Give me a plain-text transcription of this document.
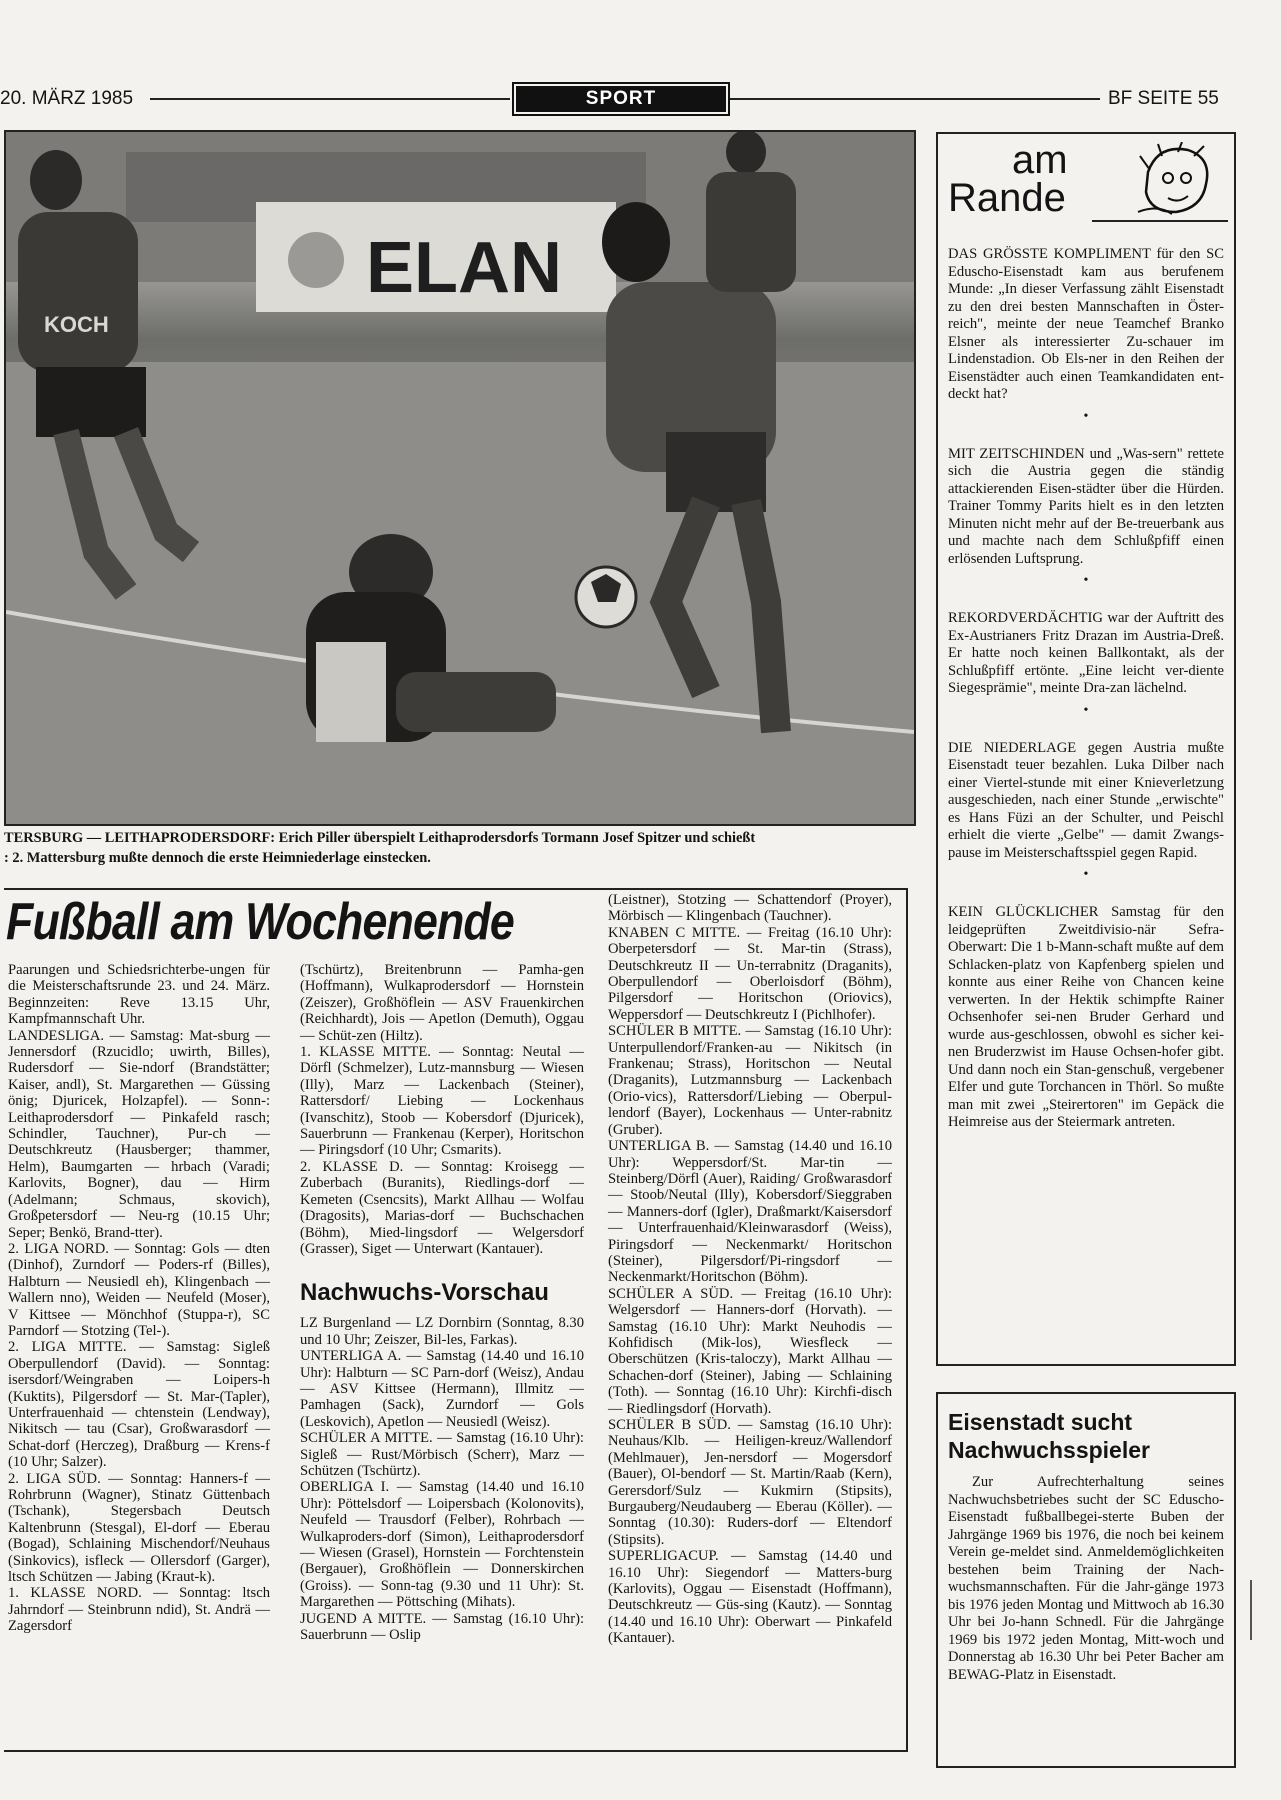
20. MÄRZ 1985	SPORT	BF SEITE 55
ELAN
KOCH
TERSBURG — LEITHAPRODERSDORF: Erich Piller überspielt Leithaprodersdorfs Tormann Josef Spitzer und schießt
: 2. Mattersburg mußte dennoch die erste Heimniederlage einstecken.
Fußball am Wochenende

Paarungen und Schiedsrichterbe-ungen für die Meisterschaftsrunde 23. und 24. März. Beginnzeiten: Reve 13.15 Uhr, Kampfmannschaft Uhr.

LANDESLIGA. — Samstag: Mat-sburg — Jennersdorf (Rzucidlo; uwirth, Billes), Rudersdorf — Sie-ndorf (Brandstätter; Kaiser, andl), St. Margarethen — Güssing önig; Djuricek, Holzapfel). — Sonn-: Leithaprodersdorf — Pinkafeld rasch; Schindler, Tauchner), Pur-ch — Deutschkreutz (Hausberger; thammer, Helm), Baumgarten — hrbach (Varadi; Karlovits, Bogner), dau — Hirm (Adelmann; Schmaus, skovich), Großpetersdorf — Neu-rg (10.15 Uhr; Seper; Benkö, Brand-tter).

2. LIGA NORD. — Sonntag: Gols — dten (Dinhof), Zurndorf — Poders-rf (Billes), Halbturn — Neusiedl eh), Klingenbach — Wallern nno), Weiden — Neufeld (Moser), V Kittsee — Mönchhof (Stuppa-r), SC Parndorf — Stotzing (Tel-).

2. LIGA MITTE. — Samstag: Sigleß Oberpullendorf (David). — Sonntag: isersdorf/Weingraben — Loipers-h (Kuktits), Pilgersdorf — St. Mar-(Tapler), Unterfrauenhaid — chtenstein (Lendway), Nikitsch — tau (Csar), Großwarasdorf — Schat-dorf (Herczeg), Draßburg — Krens-f (10 Uhr; Salzer).

2. LIGA SÜD. — Sonntag: Hanners-f — Rohrbrunn (Wagner), Stinatz Güttenbach (Tschank), Stegersbach Deutsch Kaltenbrunn (Stesgal), El-dorf — Eberau (Bogad), Schlaining Mischendorf/Neuhaus (Sinkovics), isfleck — Ollersdorf (Garger), ltsch Schützen — Jabing (Kraut-k).

1. KLASSE NORD. — Sonntag: ltsch Jahrndorf — Steinbrunn ndid), St. Andrä — Zagersdorf

(Tschürtz), Breitenbrunn — Pamha-gen (Hoffmann), Wulkaprodersdorf — Hornstein (Zeiszer), Großhöflein — ASV Frauenkirchen (Reichhardt), Jois — Apetlon (Demuth), Oggau — Schüt-zen (Hiltz).

1. KLASSE MITTE. — Sonntag: Neutal — Dörfl (Schmelzer), Lutz-mannsburg — Wiesen (Illy), Marz — Lackenbach (Steiner), Rattersdorf/ Liebing — Lockenhaus (Ivanschitz), Stoob — Kobersdorf (Djuricek), Sauerbrunn — Frankenau (Kerper), Horitschon — Piringsdorf (10 Uhr; Csmarits).

2. KLASSE D. — Sonntag: Kroisegg — Zuberbach (Buranits), Riedlings-dorf — Kemeten (Csencsits), Markt Allhau — Wolfau (Dragosits), Marias-dorf — Buchschachen (Böhm), Mied-lingsdorf — Welgersdorf (Grasser), Siget — Unterwart (Kantauer).

Nachwuchs-Vorschau

LZ Burgenland — LZ Dornbirn (Sonntag, 8.30 und 10 Uhr; Zeiszer, Bil-les, Farkas).

UNTERLIGA A. — Samstag (14.40 und 16.10 Uhr): Halbturn — SC Parn-dorf (Weisz), Andau — ASV Kittsee (Hermann), Illmitz — Pamhagen (Sack), Zurndorf — Gols (Leskovich), Apetlon — Neusiedl (Weisz).

SCHÜLER A MITTE. — Samstag (16.10 Uhr): Sigleß — Rust/Mörbisch (Scherr), Marz — Schützen (Tschürtz).

OBERLIGA I. — Samstag (14.40 und 16.10 Uhr): Pöttelsdorf — Loipersbach (Kolonovits), Neufeld — Trausdorf (Felber), Rohrbach — Wulkaproders-dorf (Simon), Leithaprodersdorf — Wiesen (Grasel), Hornstein — Forchtenstein (Bergauer), Großhöflein — Donnerskirchen (Groiss). — Sonn-tag (9.30 und 11 Uhr): St. Margarethen — Pöttsching (Mihats).

JUGEND A MITTE. — Samstag (16.10 Uhr): Sauerbrunn — Oslip

(Leistner), Stotzing — Schattendorf (Proyer), Mörbisch — Klingenbach (Tauchner).

KNABEN C MITTE. — Freitag (16.10 Uhr): Oberpetersdorf — St. Mar-tin (Strass), Deutschkreutz II — Un-terrabnitz (Draganits), Oberpullendorf — Oberloisdorf (Böhm), Pilgersdorf — Horitschon (Oriovics), Weppersdorf — Deutschkreutz I (Pichlhofer).

SCHÜLER B MITTE. — Samstag (16.10 Uhr): Unterpullendorf/Franken-au — Nikitsch (in Frankenau; Strass), Horitschon — Neutal (Draganits), Lutzmannsburg — Lackenbach (Orio-vics), Rattersdorf/Liebing — Oberpul-lendorf (Bayer), Lockenhaus — Unter-rabnitz (Gruber).

UNTERLIGA B. — Samstag (14.40 und 16.10 Uhr): Weppersdorf/St. Mar-tin — Steinberg/Dörfl (Auer), Raiding/ Großwarasdorf — Stoob/Neutal (Illy), Kobersdorf/Sieggraben — Manners-dorf (Igler), Draßmarkt/Kaisersdorf — Unterfrauenhaid/Kleinwarasdorf (Weiss), Piringsdorf — Neckenmarkt/ Horitschon (Steiner), Pilgersdorf/Pi-ringsdorf — Neckenmarkt/Horitschon (Böhm).

SCHÜLER A SÜD. — Freitag (16.10 Uhr): Welgersdorf — Hanners-dorf (Horvath). — Samstag (16.10 Uhr): Markt Neuhodis — Kohfidisch (Mik-los), Wiesfleck — Oberschützen (Kris-taloczy), Markt Allhau — Schachen-dorf (Steiner), Jabing — Schlaining (Toth). — Sonntag (16.10 Uhr): Kirchfi-disch — Riedlingsdorf (Horvath).

SCHÜLER B SÜD. — Samstag (16.10 Uhr): Neuhaus/Klb. — Heiligen-kreuz/Wallendorf (Mehlmauer), Jen-nersdorf — Mogersdorf (Bauer), Ol-bendorf — St. Martin/Raab (Kern), Gerersdorf/Sulz — Kukmirn (Stipsits), Burgauberg/Neudauberg — Eberau (Köller). — Sonntag (10.30): Ruders-dorf — Eltendorf (Stipsits).

SUPERLIGACUP. — Samstag (14.40 und 16.10 Uhr): Siegendorf — Matters-burg (Karlovits), Oggau — Eisenstadt (Hoffmann), Deutschkreutz — Güs-sing (Kautz). — Sonntag (14.40 und 16.10 Uhr): Oberwart — Pinkafeld (Kantauer).

am
Rande

DAS GRÖSSTE KOMPLIMENT für den SC Eduscho-Eisenstadt kam aus berufenem Munde: „In dieser Verfassung zählt Eisenstadt zu den drei besten Mannschaften in Öster-reich", meinte der neue Teamchef Branko Elsner als interessierter Zu-schauer im Lindenstadion. Ob Els-ner in den Reihen der Eisenstädter auch einen Teamkandidaten ent-deckt hat?

•

MIT ZEITSCHINDEN und „Was-sern" rettete sich die Austria gegen die ständig attackierenden Eisen-städter über die Hürden. Trainer Tommy Parits hielt es in den letzten Minuten nicht mehr auf der Be-treuerbank aus und machte nach dem Schlußpfiff einen erlösenden Luftsprung.

•

REKORDVERDÄCHTIG war der Auftritt des Ex-Austrianers Fritz Drazan im Austria-Dreß. Er hatte noch keinen Ballkontakt, als der Schlußpfiff ertönte. „Eine leicht ver-diente Siegesprämie", meinte Dra-zan lächelnd.

•

DIE NIEDERLAGE gegen Austria mußte Eisenstadt teuer bezahlen. Luka Dilber nach einer Viertel-stunde mit einer Knieverletzung ausgeschieden, nach einer Stunde „erwischte" es Hans Füzi an der Schulter, und Peischl erhielt die vierte „Gelbe" — damit Zwangs-pause im Meisterschaftsspiel gegen Rapid.

•

KEIN GLÜCKLICHER Samstag für den leidgeprüften Zweitdivisio-när Sefra-Oberwart: Die 1 b-Mann-schaft mußte auf dem Schlacken-platz von Kapfenberg spielen und konnte aus einer Reihe von Chancen keine verwerten. In der Hektik schimpfte Rainer Ochsenhofer sei-nen Bruder Gerhard und wurde aus-geschlossen, obwohl es sicher kei-nen Bruderzwist im Hause Ochsen-hofer gibt. Und dann noch ein Stan-genschuß, vergebener Elfer und gute Torchancen in Thörl. So mußte man mit zwei „Steirertoren" im Gepäck die Heimreise aus der Steiermark antreten.

Eisenstadt sucht
Nachwuchsspieler
Zur Aufrechterhaltung seines Nachwuchsbetriebes sucht der SC Eduscho-Eisenstadt fußballbegei-sterte Buben der Jahrgänge 1969 bis 1976, die noch bei keinem Verein ge-meldet sind. Anmeldemöglichkeiten bestehen beim Training der Nach-wuchsmannschaften. Für die Jahr-gänge 1973 bis 1976 jeden Montag und Mittwoch ab 16.30 Uhr bei Jo-hann Schnedl. Für die Jahrgänge 1969 bis 1972 jeden Montag, Mitt-woch und Donnerstag ab 16.30 Uhr bei Peter Bacher am BEWAG-Platz in Eisenstadt.
